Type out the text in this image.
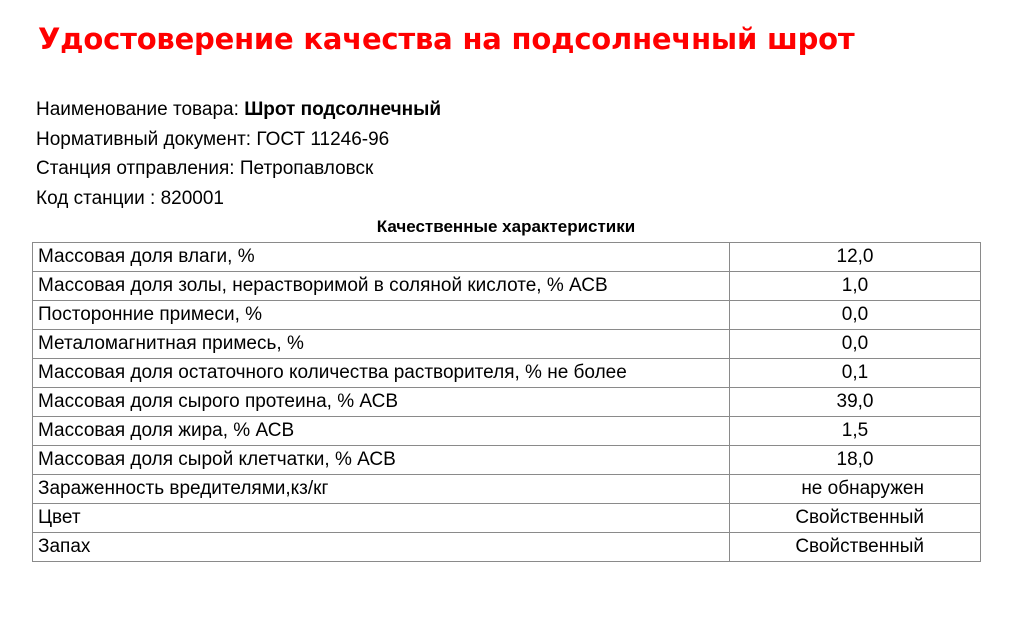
Удостоверение качества на подсолнечный шрот
Наименование товара: Шрот подсолнечный
Нормативный документ: ГОСТ 11246-96
Станция отправления: Петропавловск
Код станции : 820001
Качественные характеристики
Массовая доля влаги, %	12,0
Массовая доля золы, нерастворимой в соляной кислоте, % АСВ	1,0
Посторонние примеси, %	0,0
Металомагнитная примесь, %	0,0
Массовая доля остаточного количества растворителя, % не более	0,1
Массовая доля сырого протеина, % АСВ	39,0
Массовая доля жира, % АСВ	1,5
Массовая доля сырой клетчатки, % АСВ	18,0
Зараженность вредителями,кз/кг	не обнаружен
Цвет	Свойственный
Запах	Свойственный
